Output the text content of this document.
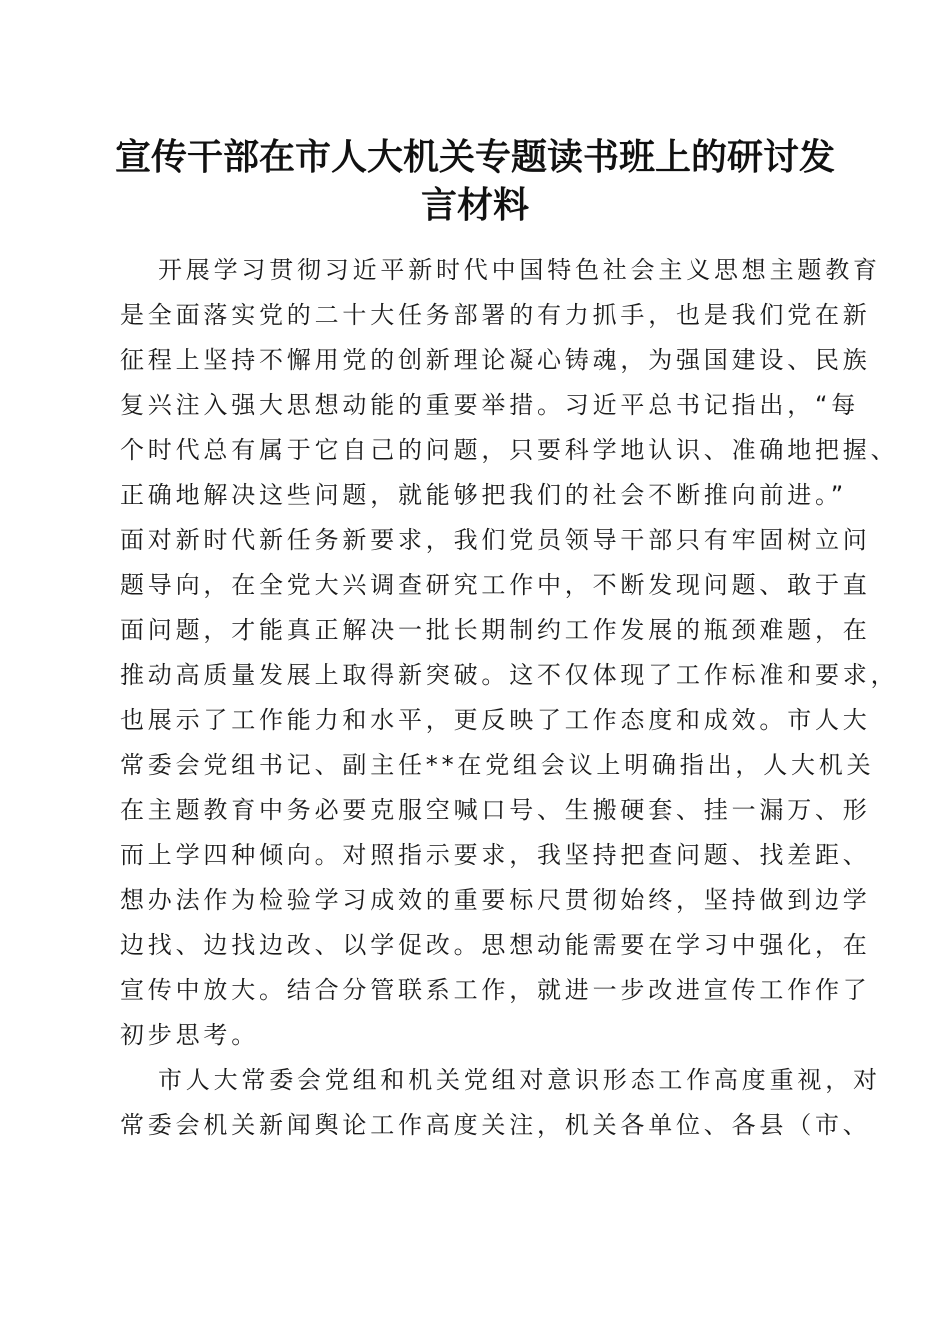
宣传干部在市人大机关专题读书班上的研讨发
言材料
开展学习贯彻习近平新时代中国特色社会主义思想主题教育
是全面落实党的二十大任务部署的有力抓手，也是我们党在新
征程上坚持不懈用党的创新理论凝心铸魂，为强国建设、民族
复兴注入强大思想动能的重要举措。习近平总书记指出，“每
个时代总有属于它自己的问题，只要科学地认识、准确地把握、
正确地解决这些问题，就能够把我们的社会不断推向前进。”
面对新时代新任务新要求，我们党员领导干部只有牢固树立问
题导向，在全党大兴调查研究工作中，不断发现问题、敢于直
面问题，才能真正解决一批长期制约工作发展的瓶颈难题，在
推动高质量发展上取得新突破。这不仅体现了工作标准和要求，
也展示了工作能力和水平，更反映了工作态度和成效。市人大
常委会党组书记、副主任**在党组会议上明确指出，人大机关
在主题教育中务必要克服空喊口号、生搬硬套、挂一漏万、形
而上学四种倾向。对照指示要求，我坚持把查问题、找差距、
想办法作为检验学习成效的重要标尺贯彻始终，坚持做到边学
边找、边找边改、以学促改。思想动能需要在学习中强化，在
宣传中放大。结合分管联系工作，就进一步改进宣传工作作了
初步思考。
市人大常委会党组和机关党组对意识形态工作高度重视，对
常委会机关新闻舆论工作高度关注，机关各单位、各县（市、
